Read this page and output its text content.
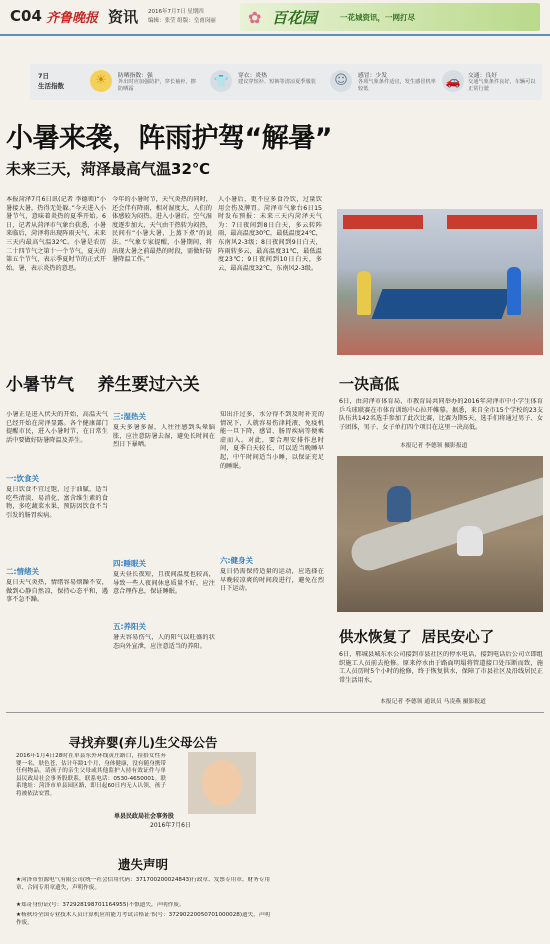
C04 齐鲁晚报 资讯 2016年7月7日 星期四
编辑：张莹 组版：皇甫岗丽 ✿ 百花园	一花城资讯，一网打尽
7日
生活指数	☀	防晒指数：强
外出时应加强防护，穿长袖衫，擦防晒霜
👕	穿衣：炎热
建议穿短衫、短裤等清凉夏季服装	☺	感冒：少发
各项气象条件适宜，发生感冒机率较低
🚗	交通：良好
交通气象条件良好，车辆可以正常行驶
小暑来袭，阵雨护驾“解暑”
未来三天，菏泽最高气温32℃
本报菏泽7月6日讯(记者 李德领)“小暑接大暑，热得无处躲。”今天进入小暑节气，意味着炎热的夏季开始。6日，记者从菏泽市气象台获悉，小暑来临后，菏泽将出现阵雨天气，未来三天内最高气温32℃。小暑是农历二十四节气之第十一个节气，夏天的第五个节气，表示季夏时节的正式开始。暑，表示炎热的意思。
今年的小暑时节，天气炎热的同时，还会伴有降雨，相对湿度大，人们的体感较为闷热。进入小暑后，空气湿度逐步加大，天气由干热转为闷热，民间有“小暑大暑，上蒸下煮”的说法。“气象专家提醒，小暑期间，将出现大暑之前最热的时段，需做好防暑降温工作。”
人小暑后，更不应多食冷饮，过量饮用会伤及脾胃。菏泽市气象台6日15时发布预报：未来三天内菏泽天气为：7日夜间到8日白天，多云转阵雨，最高温度30℃，最低温度24℃，东南风2-3级；8日夜间到9日白天，阵雨转多云，最高温度31℃，最低温度23℃；9日夜间到10日白天，多云，最高温度32℃，东南风2-3级。
一决高低
6日，由菏泽市体育局、市教育局共同举办的2016年菏泽市中小学生体育乒乓球联赛在市体育训练中心拉开帷幕。据悉，来自全市15个学校的23支队伍共142名选手参加了此次比赛，比赛为期5天，选手们将通过男子、女子团体，男子、女子单打四个项目在这里一决高低。
本报记者 李德领 摄影报道
小暑节气    养生要过六关
小暑正是进入伏天的开始，高温天气已经开始在菏泽显露。各个健康部门提醒市民，进入小暑时节，在日常生活中要做好防暑降温及养生。
一:饮食关
夏日饮食不宜过饱，过于油腻，适当吃些清淡、易消化、富含维生素的食物，多吃蔬菜水果，预防因饮食不当引发的肠胃疾病。
二:情绪关
夏日天气炎热，情绪容易烦躁不安，做到心静自然凉，保持心态平和，遇事不急不躁。
三:湿热关
夏天多暑多湿，人往往感到头晕脑胀，应注意防暑去湿，避免长时间在烈日下暴晒。
四:睡眠关
夏天昼长夜短，且夜间温度也较高，导致一些人夜间休息质量不好，应注意合理作息，保证睡眠。
五:养阳关
暑天容易伤气，人的阳气以旺盛的状态向外宣泄，应注意适当的养阳。
知出汗过多，水分得不到及时补充的情况下，人就容易伤津耗液，免疫机能一旦下降，感冒、肠胃疾病等便乘虚而入。对此，要合理安排作息时间，夏季白天较长，可以适当晚睡早起，中午时间适当小睡，以保证充足的睡眠。
六:健身关
夏日仍需保持适量的运动，应选择在早晚较凉爽的时间段进行，避免在烈日下运动。
供水恢复了  居民安心了
6日，郓城县城东水公司接到市县社区的停水电话，接到电话后公司立即组织施工人员前去抢修。原来停水由于路面明塌将管道接口处压断而致，施工人员历时5个小时的抢修，终于恢复供水，保障了市县社区及沿线居民正常生活用水。
本报记者 李德领 通讯员 马凌燕 摄影报道
寻找弃婴(弃儿)生父母公告
2016年1月4日28时在单县东外环线黄庄路口，捡拾女性弃婴一名，肤色苍，估计年龄1个月，身体健康，没有随身携带任何物品。请孩子的亲生父母或其他监护人持有效证件与单县民政局社会事务股联系，联系电话：0530-4650001。联系地址：菏泽市单县园区路，即日起60日内无人认领，孩子将被依法安置。
单县民政局社会事务股
2016年7月6日
遗失声明
★菏泽市恒源电气有限公司(统一社会信用代码：371700200024843)行政章、发票专用章、财务专用章、合同专用章遗失，声明作废。
★郑奇身份证(号：372928198701164955)不慎遗失，声明作废。
★杨秋玲全国专业技术人员计算机应用能力考试合格证书(号：37290220050701000028)遗失，声明作废。
